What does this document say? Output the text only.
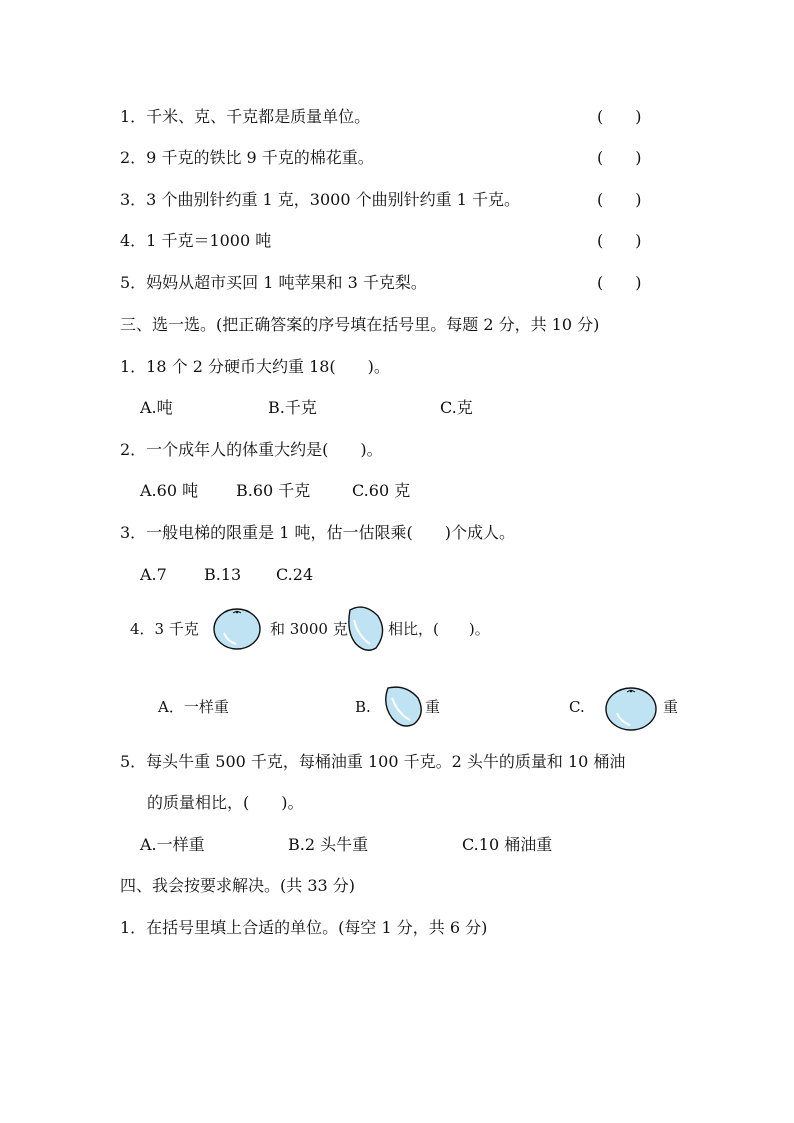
1．千米、克、千克都是质量单位。	(　　)
2．9 千克的铁比 9 千克的棉花重。	(　　)
3．3 个曲别针约重 1 克，3000 个曲别针约重 1 千克。	(　　)
4．1 千克＝1000 吨	(　　)
5．妈妈从超市买回 1 吨苹果和 3 千克梨。	(　　)
三、选一选。(把正确答案的序号填在括号里。每题 2 分，共 10 分)
1．18 个 2 分硬币大约重 18(　　)。
A.吨	B.千克	C.克
2．一个成年人的体重大约是(　　)。
A.60 吨 B.60 千克	C.60 克
3．一般电梯的限重是 1 吨，估一估限乘(　　)个成人。
A.7 B.13 C.24
4．3 千克	和 3000 克	相比，(　　)。
A．一样重	B.	重	C.	重
5．每头牛重 500 千克，每桶油重 100 千克。2 头牛的质量和 10 桶油
的质量相比，(　　)。
A.一样重	B.2 头牛重	C.10 桶油重
四、我会按要求解决。(共 33 分)
1．在括号里填上合适的单位。(每空 1 分，共 6 分)
